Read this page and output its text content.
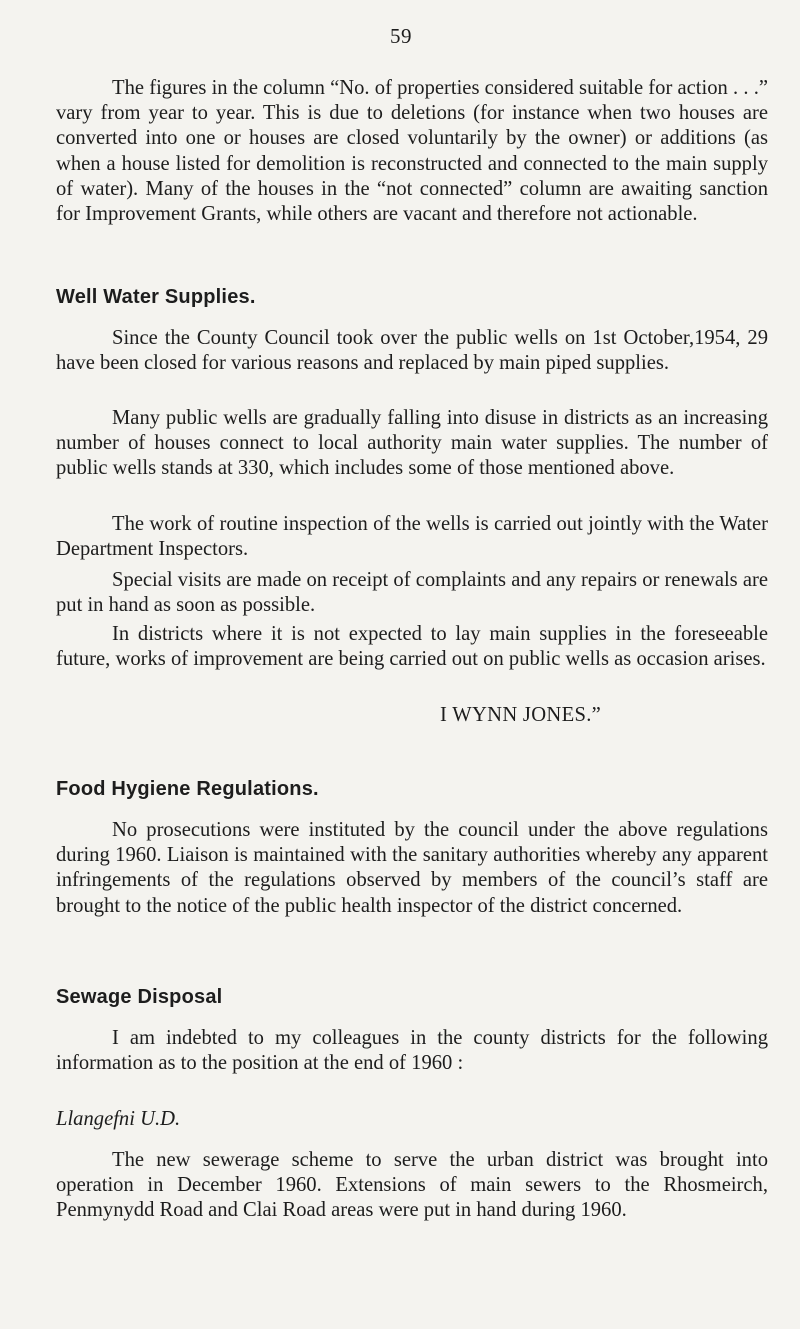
59

The figures in the column “No. of properties considered suitable for action . . .” vary from year to year. This is due to deletions (for instance when two houses are converted into one or houses are closed voluntarily by the owner) or additions (as when a house listed for demolition is reconstructed and connected to the main supply of water). Many of the houses in the “not connected” column are awaiting sanction for Improvement Grants, while others are vacant and therefore not actionable.

Well Water Supplies.

Since the County Council took over the public wells on 1st October,1954, 29 have been closed for various reasons and replaced by main piped supplies.

Many public wells are gradually falling into disuse in districts as an increasing number of houses connect to local authority main water supplies. The number of public wells stands at 330, which includes some of those mentioned above.

The work of routine inspection of the wells is carried out jointly with the Water Department Inspectors.

Special visits are made on receipt of complaints and any repairs or renewals are put in hand as soon as possible.

In districts where it is not expected to lay main supplies in the foreseeable future, works of improvement are being carried out on public wells as occasion arises.

I WYNN JONES.”

Food Hygiene Regulations.

No prosecutions were instituted by the council under the above regulations during 1960. Liaison is maintained with the sanitary authorities whereby any apparent infringements of the regulations observed by members of the council’s staff are brought to the notice of the public health inspector of the district concerned.

Sewage Disposal

I am indebted to my colleagues in the county districts for the following information as to the position at the end of 1960 :

Llangefni U.D.

The new sewerage scheme to serve the urban district was brought into operation in December 1960. Extensions of main sewers to the Rhosmeirch, Penmynydd Road and Clai Road areas were put in hand during 1960.
